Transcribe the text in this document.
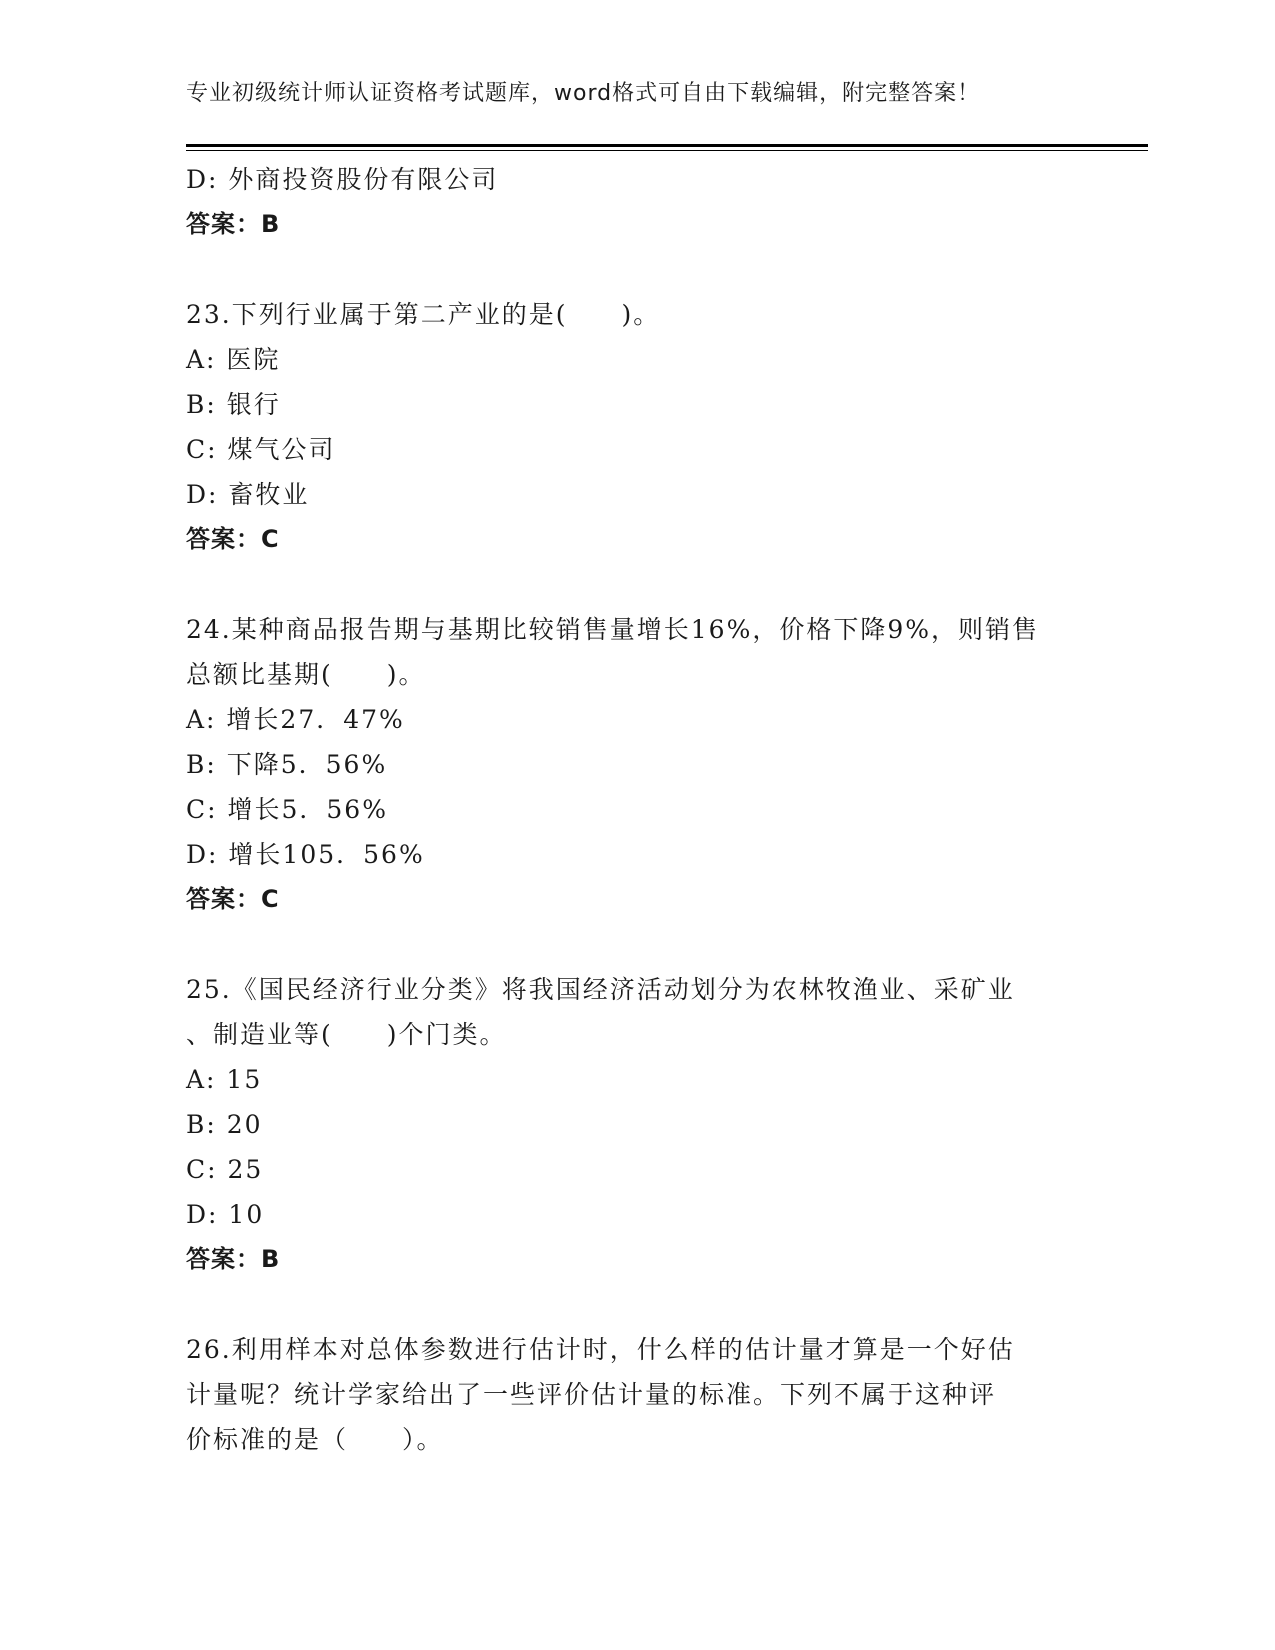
专业初级统计师认证资格考试题库，word格式可自由下载编辑，附完整答案！
D: 外商投资股份有限公司
答案：B
23.下列行业属于第二产业的是(　　)。
A: 医院
B: 银行
C: 煤气公司
D: 畜牧业
答案：C
24.某种商品报告期与基期比较销售量增长16%，价格下降9%，则销售
总额比基期(　　)。
A: 增长27．47%
B: 下降5．56%
C: 增长5．56%
D: 增长105．56%
答案：C
25.《国民经济行业分类》将我国经济活动划分为农林牧渔业、采矿业
、制造业等(　　)个门类。
A: 15
B: 20
C: 25
D: 10
答案：B
26.利用样本对总体参数进行估计时，什么样的估计量才算是一个好估
计量呢？统计学家给出了一些评价估计量的标准。下列不属于这种评
价标准的是（　　）。
